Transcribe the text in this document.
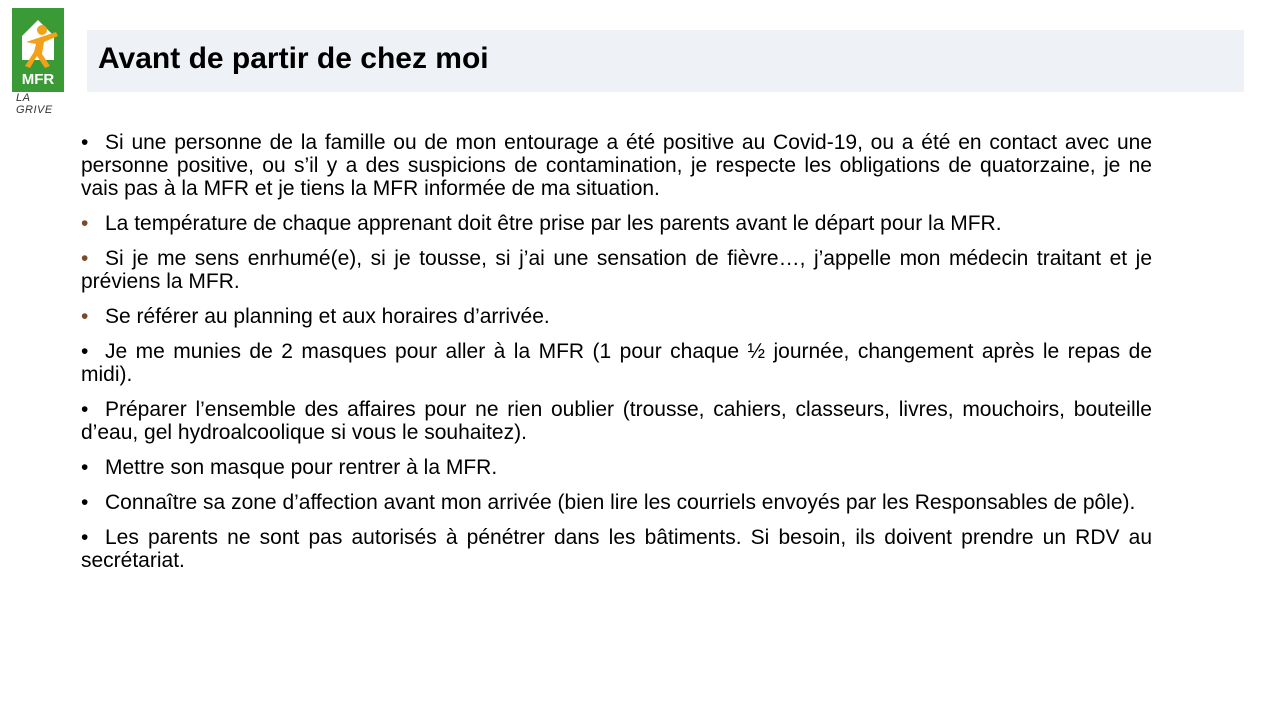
MFR
LA GRIVE
Avant de partir de chez moi
• Si une personne de la famille ou de mon entourage a été positive au Covid-19, ou a été en contact avec une personne positive, ou s’il y a des suspicions de contamination, je respecte les obligations de quatorzaine, je ne vais pas à la MFR et je tiens la MFR informée de ma situation.
• La température de chaque apprenant doit être prise par les parents avant le départ pour la MFR.
• Si je me sens enrhumé(e), si je tousse, si j’ai une sensation de fièvre…, j’appelle mon médecin traitant et je préviens la MFR.
• Se référer au planning et aux horaires d’arrivée.
• Je me munies de 2 masques pour aller à la MFR (1 pour chaque ½ journée, changement après le repas de midi).
• Préparer l’ensemble des affaires pour ne rien oublier (trousse, cahiers, classeurs, livres, mouchoirs, bouteille d’eau, gel hydroalcoolique si vous le souhaitez).
• Mettre son masque pour rentrer à la MFR.
• Connaître sa zone d’affection avant mon arrivée (bien lire les courriels envoyés par les Responsables de pôle).
• Les parents ne sont pas autorisés à pénétrer dans les bâtiments. Si besoin, ils doivent prendre un RDV au secrétariat.
